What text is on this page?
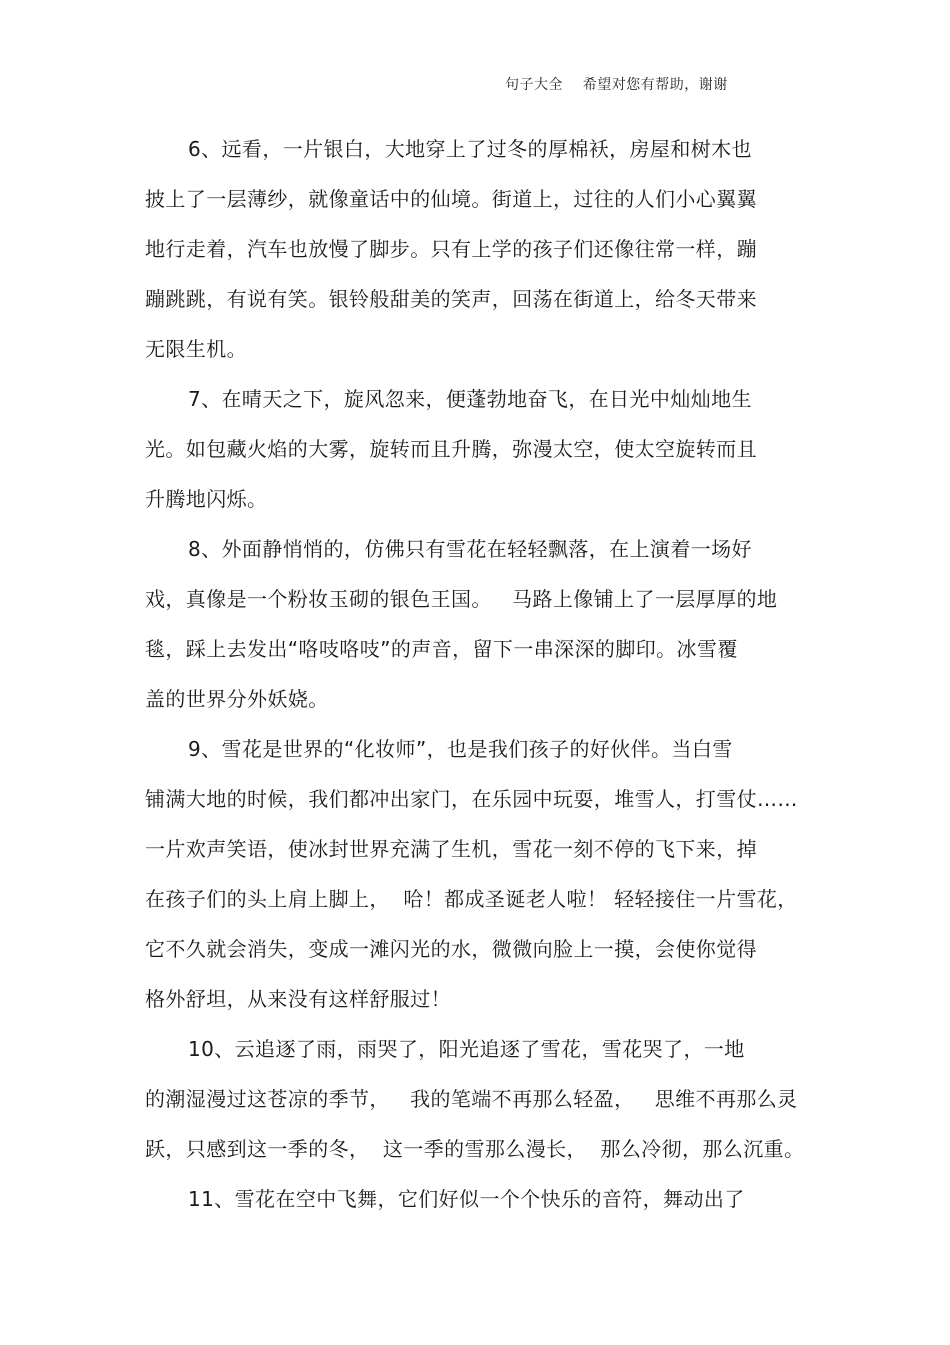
句子大全    希望对您有帮助，谢谢
6、远看，一片银白，大地穿上了过冬的厚棉袄，房屋和树木也
披上了一层薄纱，就像童话中的仙境。街道上，过往的人们小心翼翼
地行走着，汽车也放慢了脚步。只有上学的孩子们还像往常一样，蹦
蹦跳跳，有说有笑。银铃般甜美的笑声，回荡在街道上，给冬天带来
无限生机。
7、在晴天之下，旋风忽来，便蓬勃地奋飞，在日光中灿灿地生
光。如包藏火焰的大雾，旋转而且升腾，弥漫太空，使太空旋转而且
升腾地闪烁。
8、外面静悄悄的，仿佛只有雪花在轻轻飘落，在上演着一场好
戏，真像是一个粉妆玉砌的银色王国。   马路上像铺上了一层厚厚的地
毯，踩上去发出“咯吱咯吱”的声音，留下一串深深的脚印。冰雪覆
盖的世界分外妖娆。
9、雪花是世界的“化妆师”，也是我们孩子的好伙伴。当白雪
铺满大地的时候，我们都冲出家门，在乐园中玩耍，堆雪人，打雪仗……
一片欢声笑语，使冰封世界充满了生机，雪花一刻不停的飞下来，掉
在孩子们的头上肩上脚上，  哈！都成圣诞老人啦！ 轻轻接住一片雪花，
它不久就会消失，变成一滩闪光的水，微微向脸上一摸，会使你觉得
格外舒坦，从来没有这样舒服过！
10、云追逐了雨，雨哭了，阳光追逐了雪花，雪花哭了，一地
的潮湿漫过这苍凉的季节，   我的笔端不再那么轻盈，   思维不再那么灵
跃，只感到这一季的冬，  这一季的雪那么漫长，  那么冷彻，那么沉重。
11、雪花在空中飞舞，它们好似一个个快乐的音符，舞动出了
